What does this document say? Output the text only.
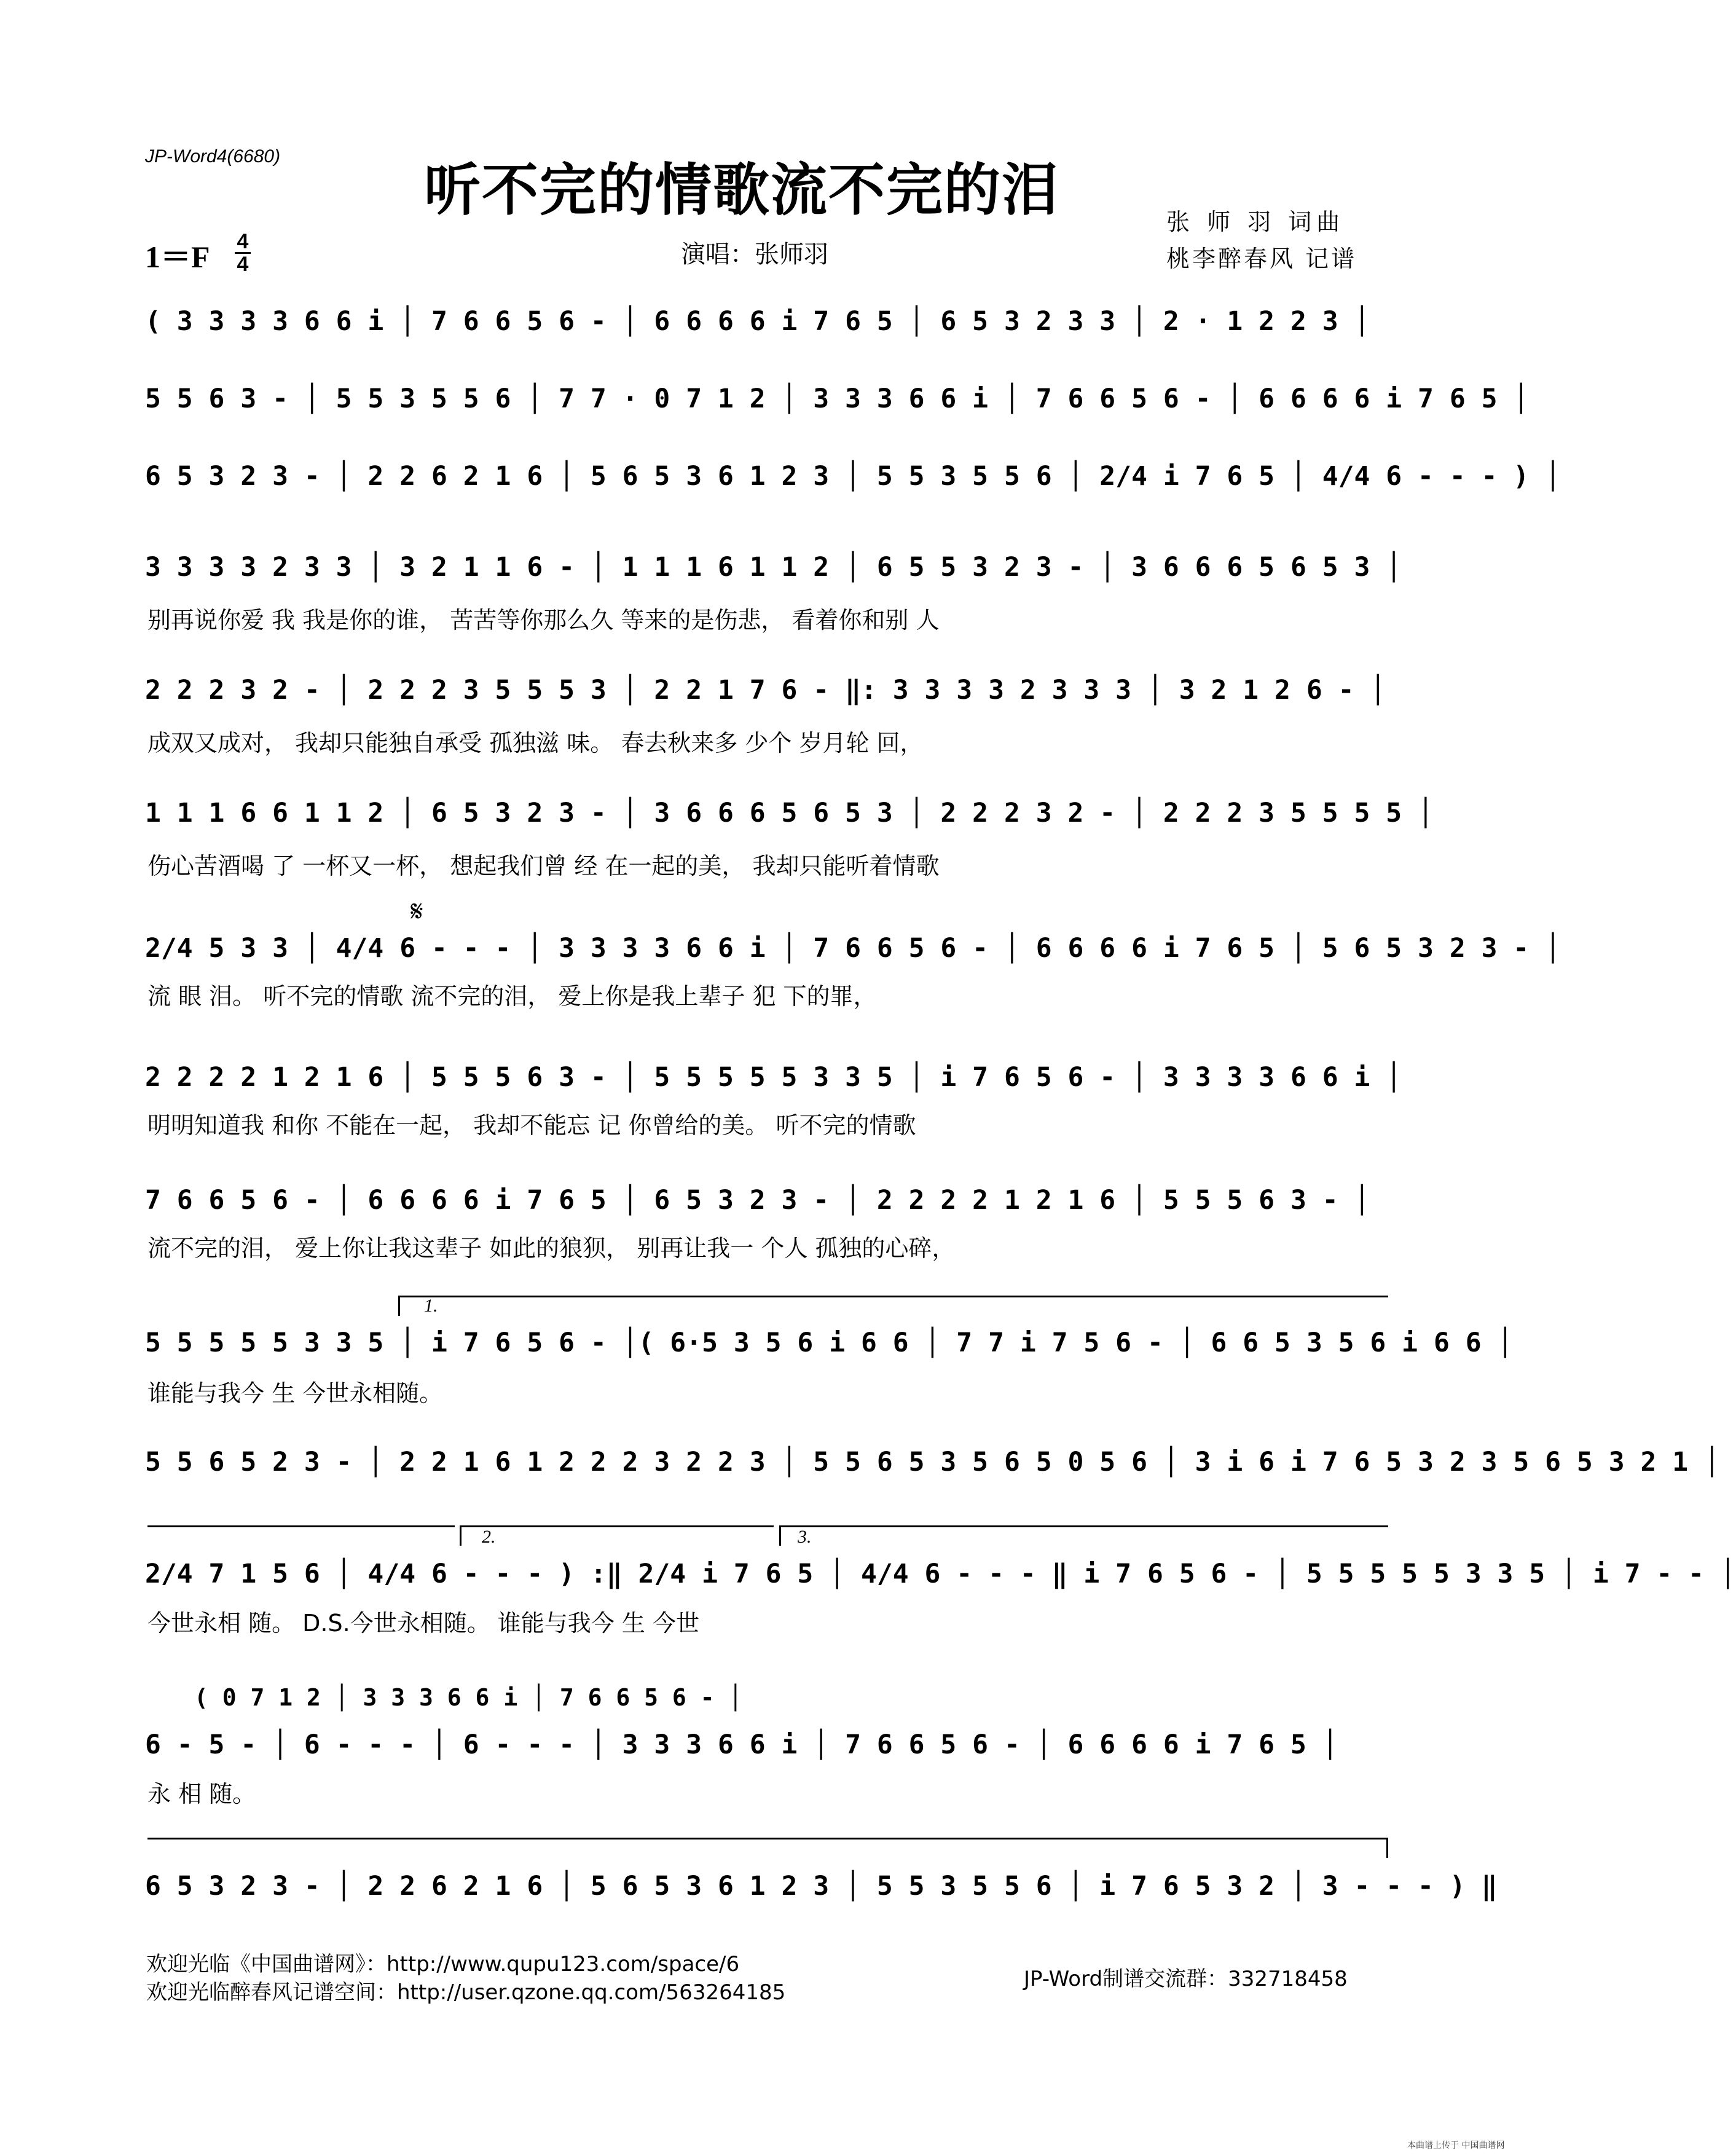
JP-Word4(6680)
听不完的情歌流不完的泪	张 师 羽 词曲
桃李醉春风 记谱
演唱：张师羽
1＝F 4
4
( 3 3 3 3 6 6 i │ 7 6 6 5 6 - │ 6 6 6 6 i 7 6 5 │ 6 5 3 2 3 3 │ 2 · 1 2 2 3 │
5 5 6 3 - │ 5 5 3 5 5 6 │ 7 7 · 0 7 1 2 │ 3 3 3 6 6 i │ 7 6 6 5 6 - │ 6 6 6 6 i 7 6 5 │
6 5 3 2 3 - │ 2 2 6 2 1 6 │ 5 6 5 3 6 1 2 3 │ 5 5 3 5 5 6 │ 2/4 i 7 6 5 │ 4/4 6 - - - ) │
3 3 3 3 2 3 3 │ 3 2 1 1 6 - │ 1 1 1 6 1 1 2 │ 6 5 5 3 2 3 - │ 3 6 6 6 5 6 5 3 │
别再说你爱 我 我是你的谁， 苦苦等你那么久 等来的是伤悲， 看着你和别 人
2 2 2 3 2 - │ 2 2 2 3 5 5 5 3 │ 2 2 1 7 6 - ‖: 3 3 3 3 2 3 3 3 │ 3 2 1 2 6 - │
成双又成对， 我却只能独自承受 孤独滋 味。 春去秋来多 少个 岁月轮 回，
1 1 1 6 6 1 1 2 │ 6 5 3 2 3 - │ 3 6 6 6 5 6 5 3 │ 2 2 2 3 2 - │ 2 2 2 3 5 5 5 5 │
伤心苦酒喝 了 一杯又一杯， 想起我们曾 经 在一起的美， 我却只能听着情歌
𝄋
2/4 5 3 3 │ 4/4 6 - - - │ 3 3 3 3 6 6 i │ 7 6 6 5 6 - │ 6 6 6 6 i 7 6 5 │ 5 6 5 3 2 3 - │
流 眼 泪。 听不完的情歌 流不完的泪， 爱上你是我上辈子 犯 下的罪，
2 2 2 2 1 2 1 6 │ 5 5 5 6 3 - │ 5 5 5 5 5 3 3 5 │ i 7 6 5 6 - │ 3 3 3 3 6 6 i │
明明知道我 和你 不能在一起， 我却不能忘 记 你曾给的美。 听不完的情歌
7 6 6 5 6 - │ 6 6 6 6 i 7 6 5 │ 6 5 3 2 3 - │ 2 2 2 2 1 2 1 6 │ 5 5 5 6 3 - │
流不完的泪， 爱上你让我这辈子 如此的狼狈， 别再让我一 个人 孤独的心碎，
1.
5 5 5 5 5 3 3 5 │ i 7 6 5 6 - │( 6·5 3 5 6 i 6 6 │ 7 7 i 7 5 6 - │ 6 6 5 3 5 6 i 6 6 │
谁能与我今 生 今世永相随。
5 5 6 5 2 3 - │ 2 2 1 6 1 2 2 2 3 2 2 3 │ 5 5 6 5 3 5 6 5 0 5 6 │ 3 i 6 i 7 6 5 3 2 3 5 6 5 3 2 1 │
2.	3.
2/4 7 1 5 6 │ 4/4 6 - - - ) :‖ 2/4 i 7 6 5 │ 4/4 6 - - - ‖ i 7 6 5 6 - │ 5 5 5 5 5 3 3 5 │ i 7 - - │
今世永相 随。 D.S.今世永相随。 谁能与我今 生 今世
( 0 7 1 2 │ 3 3 3 6 6 i │ 7 6 6 5 6 - │
6 - 5 - │ 6 - - - │ 6 - - - │ 3 3 3 6 6 i │ 7 6 6 5 6 - │ 6 6 6 6 i 7 6 5 │
永 相 随。
6 5 3 2 3 - │ 2 2 6 2 1 6 │ 5 6 5 3 6 1 2 3 │ 5 5 3 5 5 6 │ i 7 6 5 3 2 │ 3 - - - ) ‖
欢迎光临《中国曲谱网》：http://www.qupu123.com/space/6
欢迎光临醉春风记谱空间：http://user.qzone.qq.com/563264185
JP-Word制谱交流群：332718458
本曲谱上传于 中国曲谱网
